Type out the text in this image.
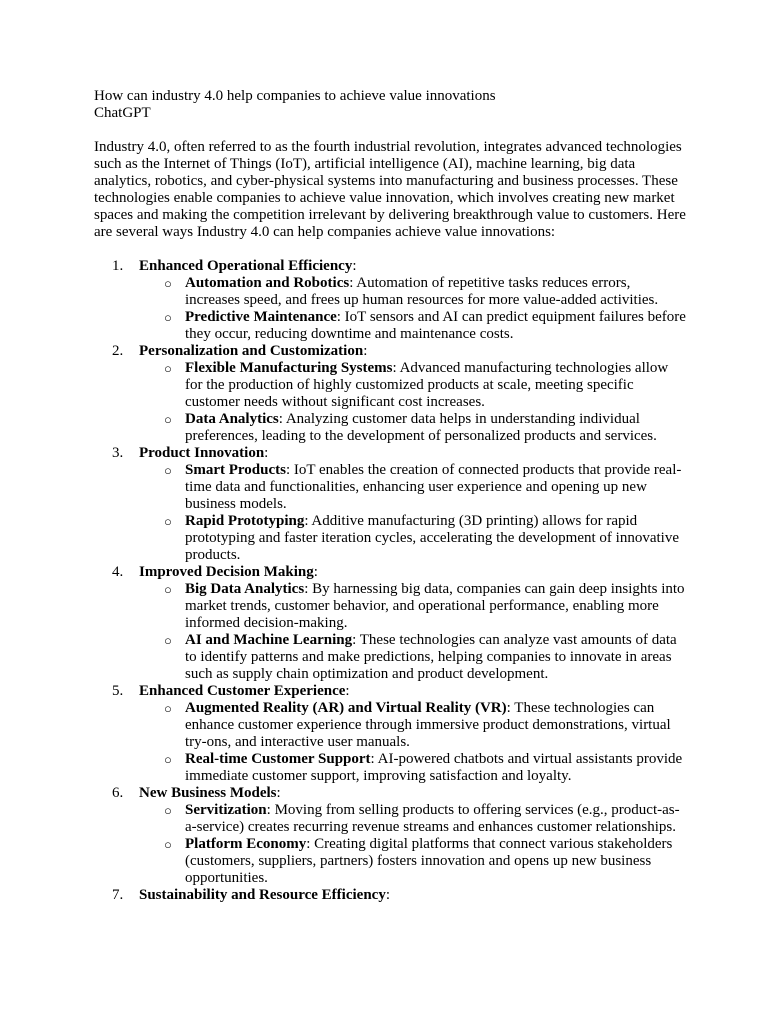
How can industry 4.0 help companies to achieve value innovations

ChatGPT

Industry 4.0, often referred to as the fourth industrial revolution, integrates advanced technologies such as the Internet of Things (IoT), artificial intelligence (AI), machine learning, big data analytics, robotics, and cyber-physical systems into manufacturing and business processes. These technologies enable companies to achieve value innovation, which involves creating new market spaces and making the competition irrelevant by delivering breakthrough value to customers. Here are several ways Industry 4.0 can help companies achieve value innovations:

1. Enhanced Operational Efficiency:
○ Automation and Robotics: Automation of repetitive tasks reduces errors, increases speed, and frees up human resources for more value-added activities.
○ Predictive Maintenance: IoT sensors and AI can predict equipment failures before they occur, reducing downtime and maintenance costs.
2. Personalization and Customization:
○ Flexible Manufacturing Systems: Advanced manufacturing technologies allow for the production of highly customized products at scale, meeting specific customer needs without significant cost increases.
○ Data Analytics: Analyzing customer data helps in understanding individual preferences, leading to the development of personalized products and services.
3. Product Innovation:
○ Smart Products: IoT enables the creation of connected products that provide real-time data and functionalities, enhancing user experience and opening up new business models.
○ Rapid Prototyping: Additive manufacturing (3D printing) allows for rapid prototyping and faster iteration cycles, accelerating the development of innovative products.
4. Improved Decision Making:
○ Big Data Analytics: By harnessing big data, companies can gain deep insights into market trends, customer behavior, and operational performance, enabling more informed decision-making.
○ AI and Machine Learning: These technologies can analyze vast amounts of data to identify patterns and make predictions, helping companies to innovate in areas such as supply chain optimization and product development.
5. Enhanced Customer Experience:
○ Augmented Reality (AR) and Virtual Reality (VR): These technologies can enhance customer experience through immersive product demonstrations, virtual try-ons, and interactive user manuals.
○ Real-time Customer Support: AI-powered chatbots and virtual assistants provide immediate customer support, improving satisfaction and loyalty.
6. New Business Models:
○ Servitization: Moving from selling products to offering services (e.g., product-as-a-service) creates recurring revenue streams and enhances customer relationships.
○ Platform Economy: Creating digital platforms that connect various stakeholders (customers, suppliers, partners) fosters innovation and opens up new business opportunities.
7. Sustainability and Resource Efficiency:
